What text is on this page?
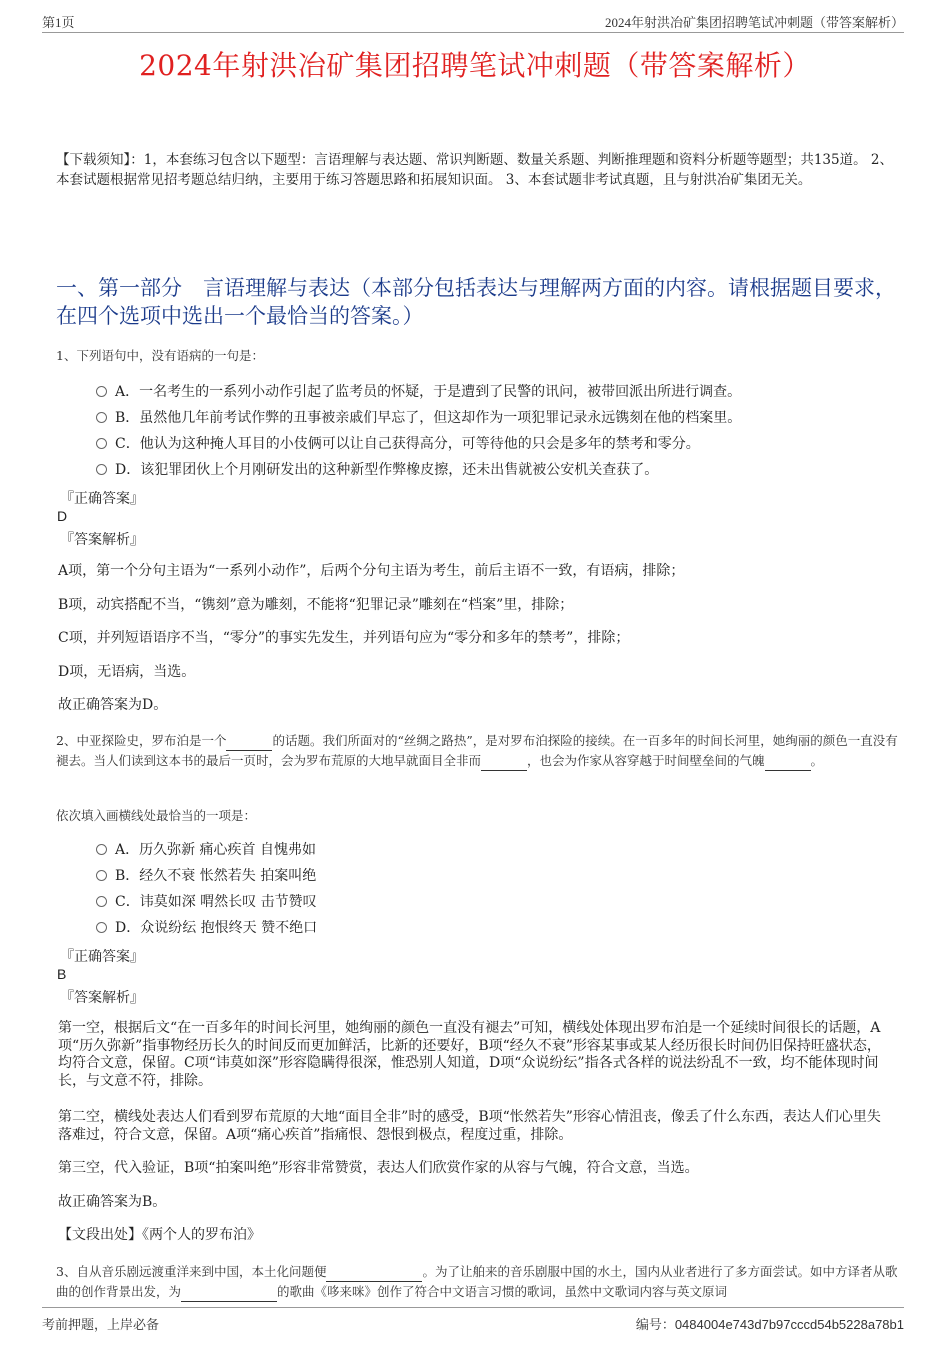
第1页	2024年射洪冶矿集团招聘笔试冲刺题（带答案解析）
2024年射洪冶矿集团招聘笔试冲刺题（带答案解析）
【下载须知】：1，本套练习包含以下题型：言语理解与表达题、常识判断题、数量关系题、判断推理题和资料分析题等题型；共135道。 2、本套试题根据常见招考题总结归纳，主要用于练习答题思路和拓展知识面。 3、本套试题非考试真题，且与射洪冶矿集团无关。
一、第一部分　言语理解与表达（本部分包括表达与理解两方面的内容。请根据题目要求，在四个选项中选出一个最恰当的答案。）
1、下列语句中，没有语病的一句是：
A．一名考生的一系列小动作引起了监考员的怀疑，于是遭到了民警的讯问，被带回派出所进行调查。
B．虽然他几年前考试作弊的丑事被亲戚们早忘了，但这却作为一项犯罪记录永远镌刻在他的档案里。
C．他认为这种掩人耳目的小伎俩可以让自己获得高分，可等待他的只会是多年的禁考和零分。
D．该犯罪团伙上个月刚研发出的这种新型作弊橡皮擦，还未出售就被公安机关查获了。
『正确答案』
D
『答案解析』
A项，第一个分句主语为“一系列小动作”，后两个分句主语为考生，前后主语不一致，有语病，排除；
B项，动宾搭配不当，“镌刻”意为雕刻，不能将“犯罪记录”雕刻在“档案”里，排除；
C项，并列短语语序不当，“零分”的事实先发生，并列语句应为“零分和多年的禁考”，排除；
D项，无语病，当选。
故正确答案为D。
2、中亚探险史，罗布泊是一个	的话题。我们所面对的“丝绸之路热”，是对罗布泊探险的接续。在一百多年的时间长河里，她绚丽的颜色一直没有褪去。当人们读到这本书的最后一页时，会为罗布荒原的大地早就面目全非而	，也会为作家从容穿越于时间壁垒间的气魄	。
依次填入画横线处最恰当的一项是：
A．历久弥新 痛心疾首 自愧弗如
B．经久不衰 怅然若失 拍案叫绝
C．讳莫如深 喟然长叹 击节赞叹
D．众说纷纭 抱恨终天 赞不绝口
『正确答案』
B
『答案解析』
第一空，根据后文“在一百多年的时间长河里，她绚丽的颜色一直没有褪去”可知，横线处体现出罗布泊是一个延续时间很长的话题，A项“历久弥新”指事物经历长久的时间反而更加鲜活，比新的还要好，B项“经久不衰”形容某事或某人经历很长时间仍旧保持旺盛状态，均符合文意，保留。C项“讳莫如深”形容隐瞒得很深，惟恐别人知道，D项“众说纷纭”指各式各样的说法纷乱不一致，均不能体现时间长，与文意不符，排除。
第二空，横线处表达人们看到罗布荒原的大地“面目全非”时的感受，B项“怅然若失”形容心情沮丧，像丢了什么东西，表达人们心里失落难过，符合文意，保留。A项“痛心疾首”指痛恨、怨恨到极点，程度过重，排除。
第三空，代入验证，B项“拍案叫绝”形容非常赞赏，表达人们欣赏作家的从容与气魄，符合文意，当选。
故正确答案为B。
【文段出处】《两个人的罗布泊》
3、自从音乐剧远渡重洋来到中国，本土化问题便	。为了让舶来的音乐剧服中国的水土，国内从业者进行了多方面尝试。如中方译者从歌曲的创作背景出发，为	的歌曲《哆来咪》创作了符合中文语言习惯的歌词，虽然中文歌词内容与英文原词
考前押题，上岸必备	编号：0484004e743d7b97cccd54b5228a78b1
